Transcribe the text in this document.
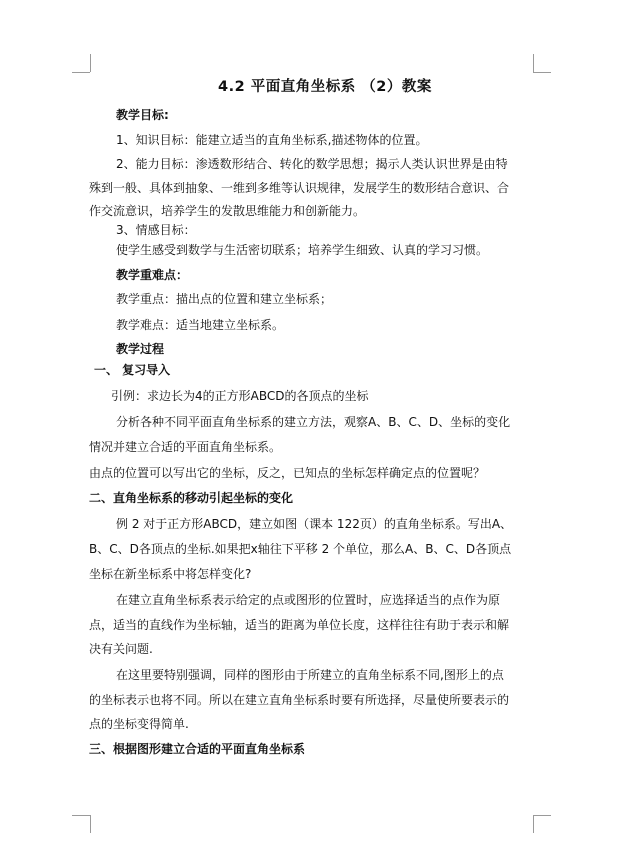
4.2 平面直角坐标系 （2）教案
教学目标:
1、知识目标：能建立适当的直角坐标系,描述物体的位置。
2、能力目标：渗透数形结合、转化的数学思想；揭示人类认识世界是由特
殊到一般、具体到抽象、一维到多维等认识规律，发展学生的数形结合意识、合
作交流意识，培养学生的发散思维能力和创新能力。
3、情感目标：
使学生感受到数学与生活密切联系；培养学生细致、认真的学习习惯。
教学重难点：
教学重点：描出点的位置和建立坐标系；
教学难点：适当地建立坐标系。
教学过程
一、 复习导入
引例：求边长为4的正方形ABCD的各顶点的坐标
分析各种不同平面直角坐标系的建立方法，观察A、B、C、D、坐标的变化
情况并建立合适的平面直角坐标系。
由点的位置可以写出它的坐标，反之，已知点的坐标怎样确定点的位置呢？
二、直角坐标系的移动引起坐标的变化
例 2 对于正方形ABCD，建立如图（课本 122页）的直角坐标系。写出A、
B、C、D各顶点的坐标.如果把x轴往下平移 2 个单位，那么A、B、C、D各顶点
坐标在新坐标系中将怎样变化?
在建立直角坐标系表示给定的点或图形的位置时，应选择适当的点作为原
点，适当的直线作为坐标轴，适当的距离为单位长度，这样往往有助于表示和解
决有关问题.
在这里要特别强调，同样的图形由于所建立的直角坐标系不同,图形上的点
的坐标表示也将不同。所以在建立直角坐标系时要有所选择，尽量使所要表示的
点的坐标变得简单.
三、根据图形建立合适的平面直角坐标系
